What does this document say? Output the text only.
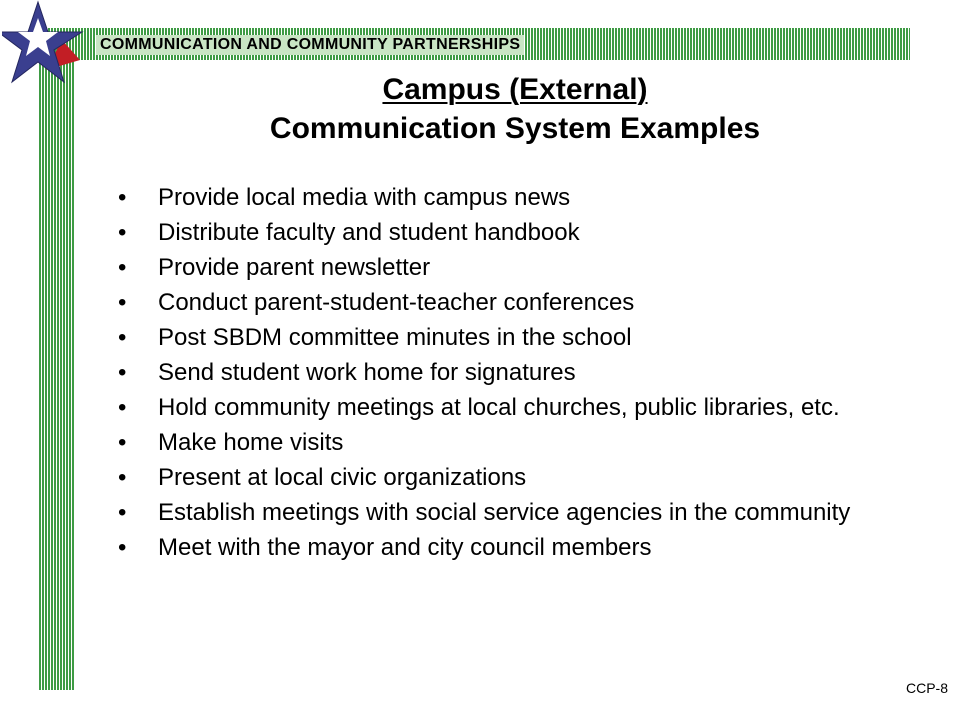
COMMUNICATION AND COMMUNITY PARTNERSHIPS
Campus (External)
Communication System Examples
• Provide local media with campus news
• Distribute faculty and student handbook
• Provide parent newsletter
• Conduct parent-student-teacher conferences
• Post SBDM committee minutes in the school
• Send student work home for signatures
• Hold community meetings at local churches, public libraries, etc.
• Make home visits
• Present at local civic organizations
• Establish meetings with social service agencies in the community
• Meet with the mayor and city council members
CCP-8
